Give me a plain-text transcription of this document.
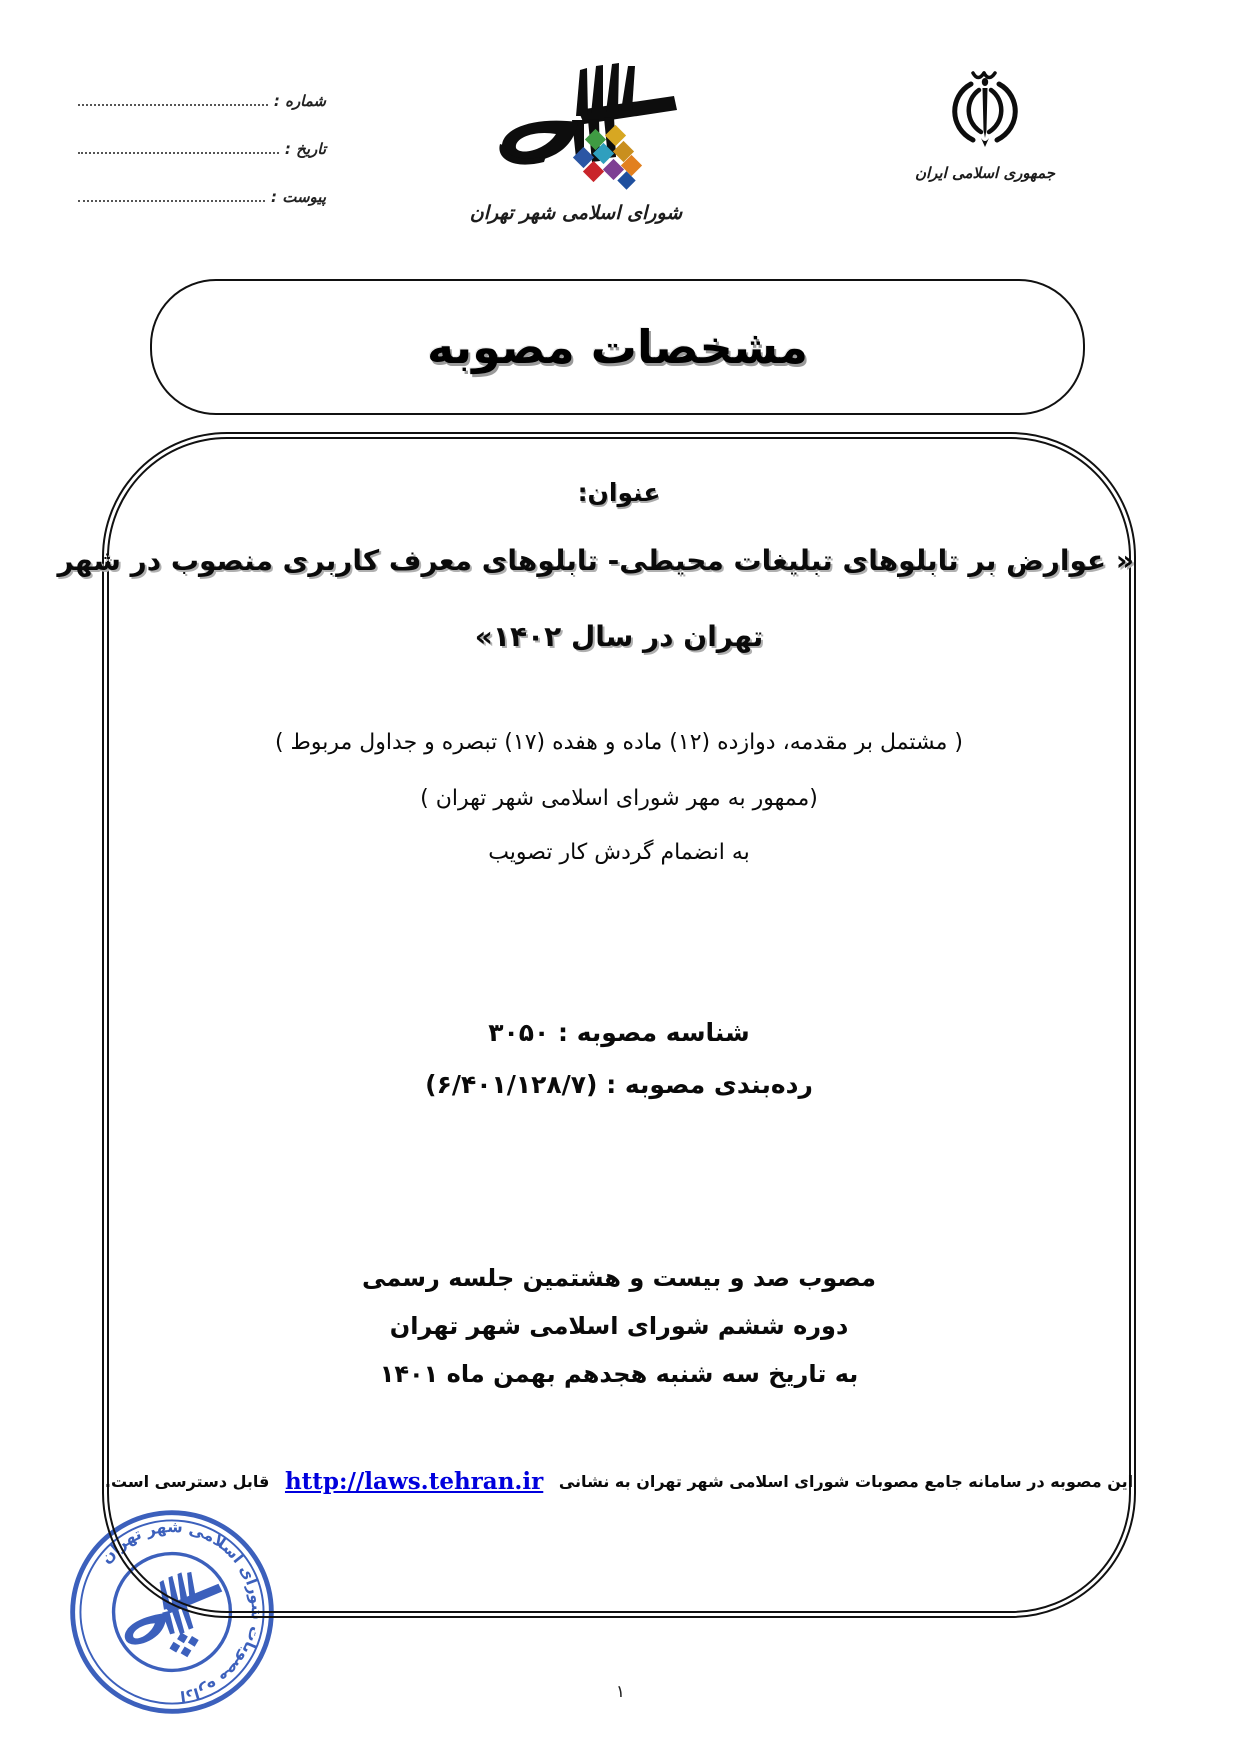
شماره :
تاریخ :
پیوست :
شورای اسلامی شهر تهران
جمهوری اسلامی ایران
مشخصات مصوبه
اداره مصوبات شورای اسلامی شهر تهران
عنوان:
« عوارض بر تابلوهای تبلیغات محیطی- تابلوهای معرف کاربری منصوب در شهر
تهران در سال ۱۴۰۲»
( مشتمل بر مقدمه، دوازده (۱۲) ماده و هفده (۱۷) تبصره و جداول مربوط )
(ممهور به مهر شورای اسلامی شهر تهران )
به انضمام گردش کار تصویب
شناسه مصوبه : ۳۰۵۰
رده‌بندی مصوبه : (۶/۴۰۱/۱۲۸/۷)
مصوب صد و بیست و هشتمین جلسه رسمی
دوره ششم شورای اسلامی شهر تهران
به تاریخ سه شنبه هجدهم بهمن ماه ۱۴۰۱
این مصوبه در سامانه جامع مصوبات شورای اسلامی شهر تهران به نشانی http://laws.tehran.ir قابل دسترسی است.
۱
